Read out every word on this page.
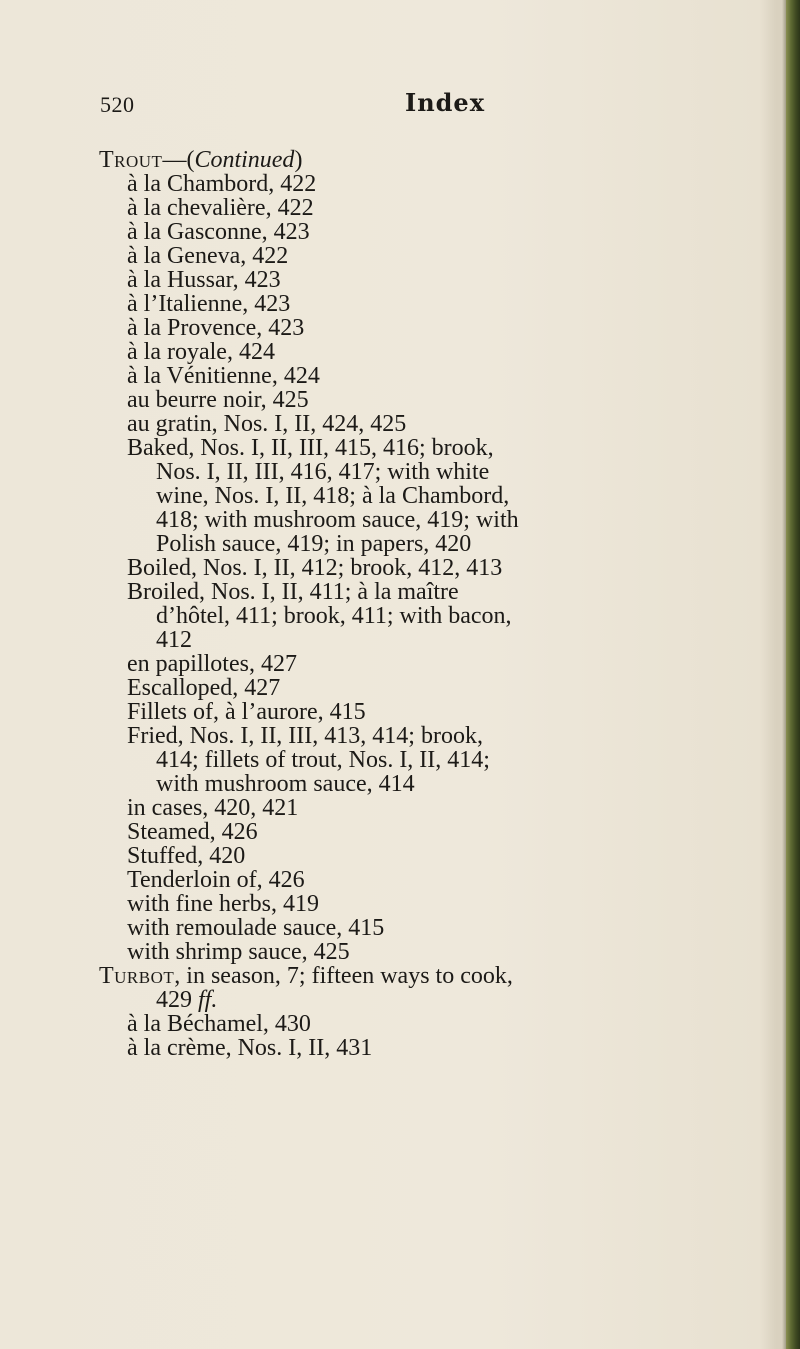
520	Index

Trout—(Continued)

à la Chambord, 422

à la chevalière, 422

à la Gasconne, 423

à la Geneva, 422

à la Hussar, 423

à l’Italienne, 423

à la Provence, 423

à la royale, 424

à la Vénitienne, 424

au beurre noir, 425

au gratin, Nos. I, II, 424, 425

Baked, Nos. I, II, III, 415, 416; brook,

Nos. I, II, III, 416, 417; with white

wine, Nos. I, II, 418; à la Chambord,

418; with mushroom sauce, 419; with

Polish sauce, 419; in papers, 420

Boiled, Nos. I, II, 412; brook, 412, 413

Broiled, Nos. I, II, 411; à la maître

d’hôtel, 411; brook, 411; with bacon,

412

en papillotes, 427

Escalloped, 427

Fillets of, à l’aurore, 415

Fried, Nos. I, II, III, 413, 414; brook,

414; fillets of trout, Nos. I, II, 414;

with mushroom sauce, 414

in cases, 420, 421

Steamed, 426

Stuffed, 420

Tenderloin of, 426

with fine herbs, 419

with remoulade sauce, 415

with shrimp sauce, 425

Turbot, in season, 7; fifteen ways to cook,

429 ff.

à la Béchamel, 430

à la crème, Nos. I, II, 431
